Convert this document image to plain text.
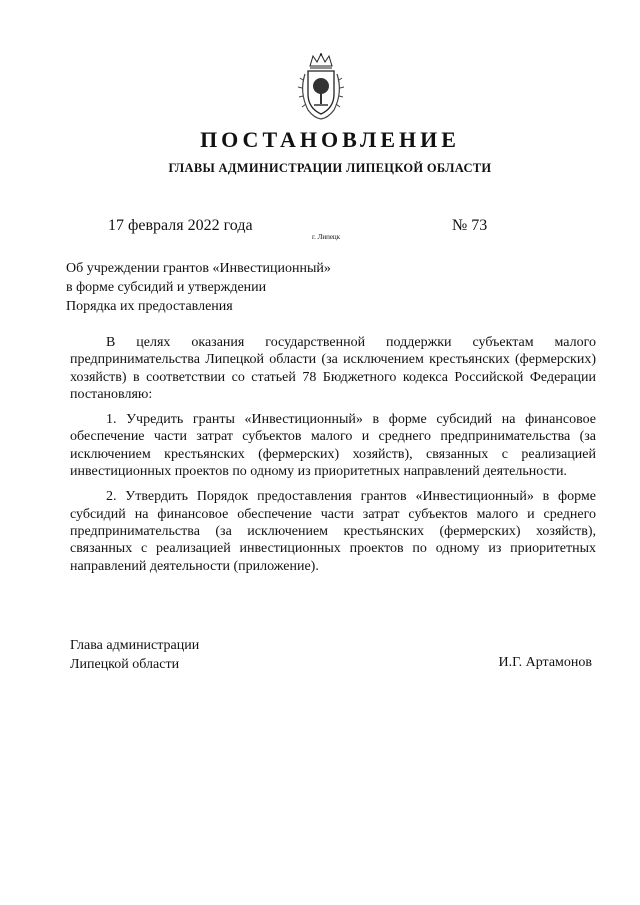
ПОСТАНОВЛЕНИЕ
ГЛАВЫ АДМИНИСТРАЦИИ ЛИПЕЦКОЙ ОБЛАСТИ
17 февраля 2022 года
г. Липецк
№ 73
Об учреждении грантов «Инвестиционный»
в форме субсидий и утверждении
Порядка их предоставления

В целях оказания государственной поддержки субъектам малого предпринимательства Липецкой области (за исключением крестьянских (фермерских) хозяйств) в соответствии со статьей 78 Бюджетного кодекса Российской Федерации постановляю:

1. Учредить гранты «Инвестиционный» в форме субсидий на финансовое обеспечение части затрат субъектов малого и среднего предпринимательства (за исключением крестьянских (фермерских) хозяйств), связанных с реализацией инвестиционных проектов по одному из приоритетных направлений деятельности.

2. Утвердить Порядок предоставления грантов «Инвестиционный» в форме субсидий на финансовое обеспечение части затрат субъектов малого и среднего предпринимательства (за исключением крестьянских (фермерских) хозяйств), связанных с реализацией инвестиционных проектов по одному из приоритетных направлений деятельности (приложение).

Глава администрации
Липецкой области	И.Г. Артамонов
